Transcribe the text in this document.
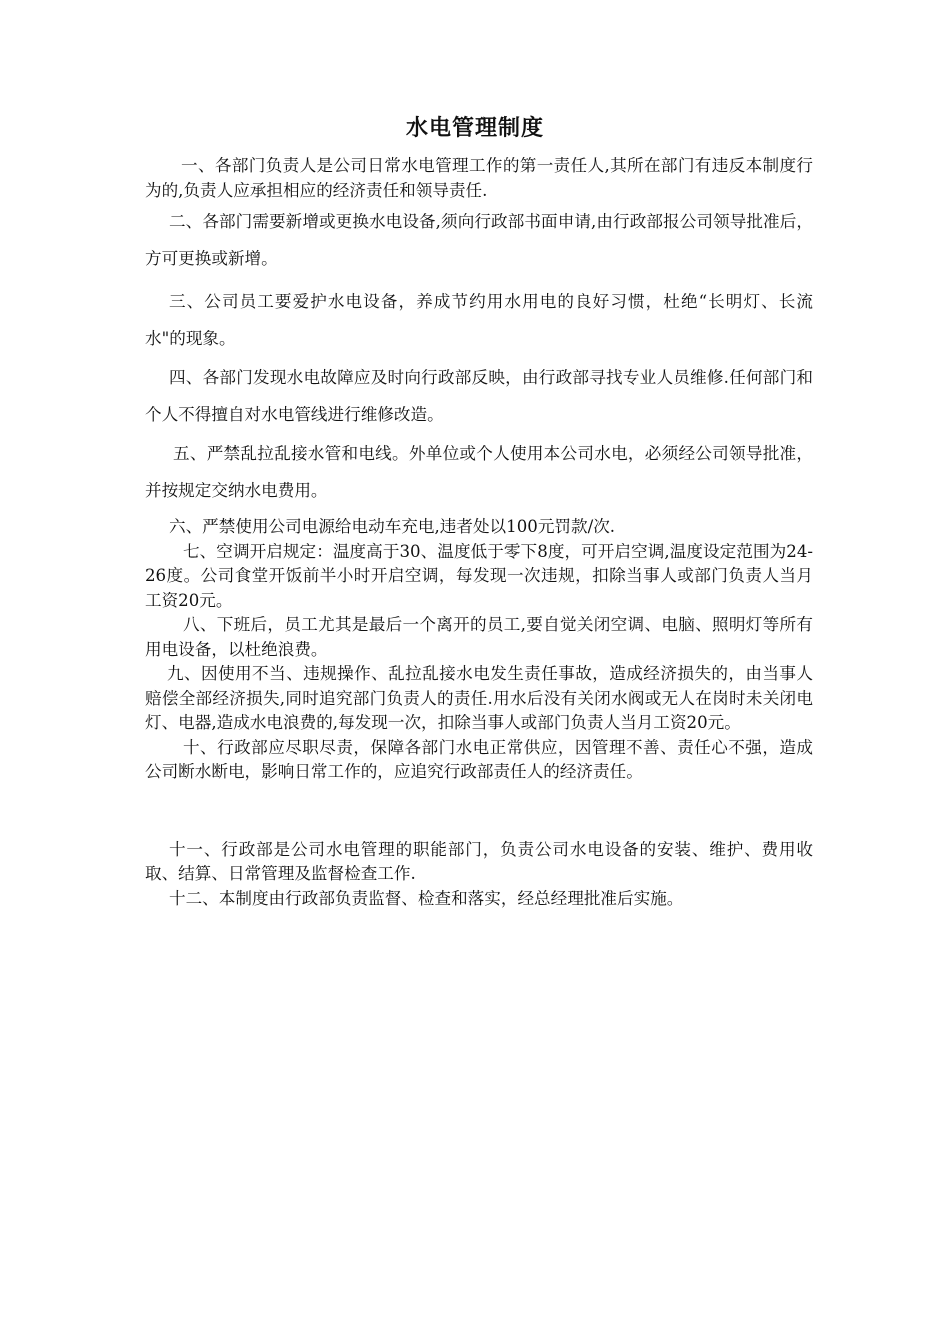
水电管理制度

一、各部门负责人是公司日常水电管理工作的第一责任人,其所在部门有违反本制度行为的,负责人应承担相应的经济责任和领导责任.

二、各部门需要新增或更换水电设备,须向行政部书面申请,由行政部报公司领导批准后，方可更换或新增。

三、公司员工要爱护水电设备，养成节约用水用电的良好习惯，杜绝“长明灯、长流水"的现象。

四、各部门发现水电故障应及时向行政部反映，由行政部寻找专业人员维修.任何部门和个人不得擅自对水电管线进行维修改造。

五、严禁乱拉乱接水管和电线。外单位或个人使用本公司水电，必须经公司领导批准，并按规定交纳水电费用。

六、严禁使用公司电源给电动车充电,违者处以100元罚款/次.

七、空调开启规定：温度高于30、温度低于零下8度，可开启空调,温度设定范围为24-26度。公司食堂开饭前半小时开启空调，每发现一次违规，扣除当事人或部门负责人当月工资20元。

八、下班后，员工尤其是最后一个离开的员工,要自觉关闭空调、电脑、照明灯等所有用电设备，以杜绝浪费。

九、因使用不当、违规操作、乱拉乱接水电发生责任事故，造成经济损失的，由当事人赔偿全部经济损失,同时追究部门负责人的责任.用水后没有关闭水阀或无人在岗时未关闭电灯、电器,造成水电浪费的,每发现一次，扣除当事人或部门负责人当月工资20元。

十、行政部应尽职尽责，保障各部门水电正常供应，因管理不善、责任心不强，造成公司断水断电，影响日常工作的，应追究行政部责任人的经济责任。

十一、行政部是公司水电管理的职能部门，负责公司水电设备的安装、维护、费用收取、结算、日常管理及监督检查工作.

十二、本制度由行政部负责监督、检查和落实，经总经理批准后实施。
